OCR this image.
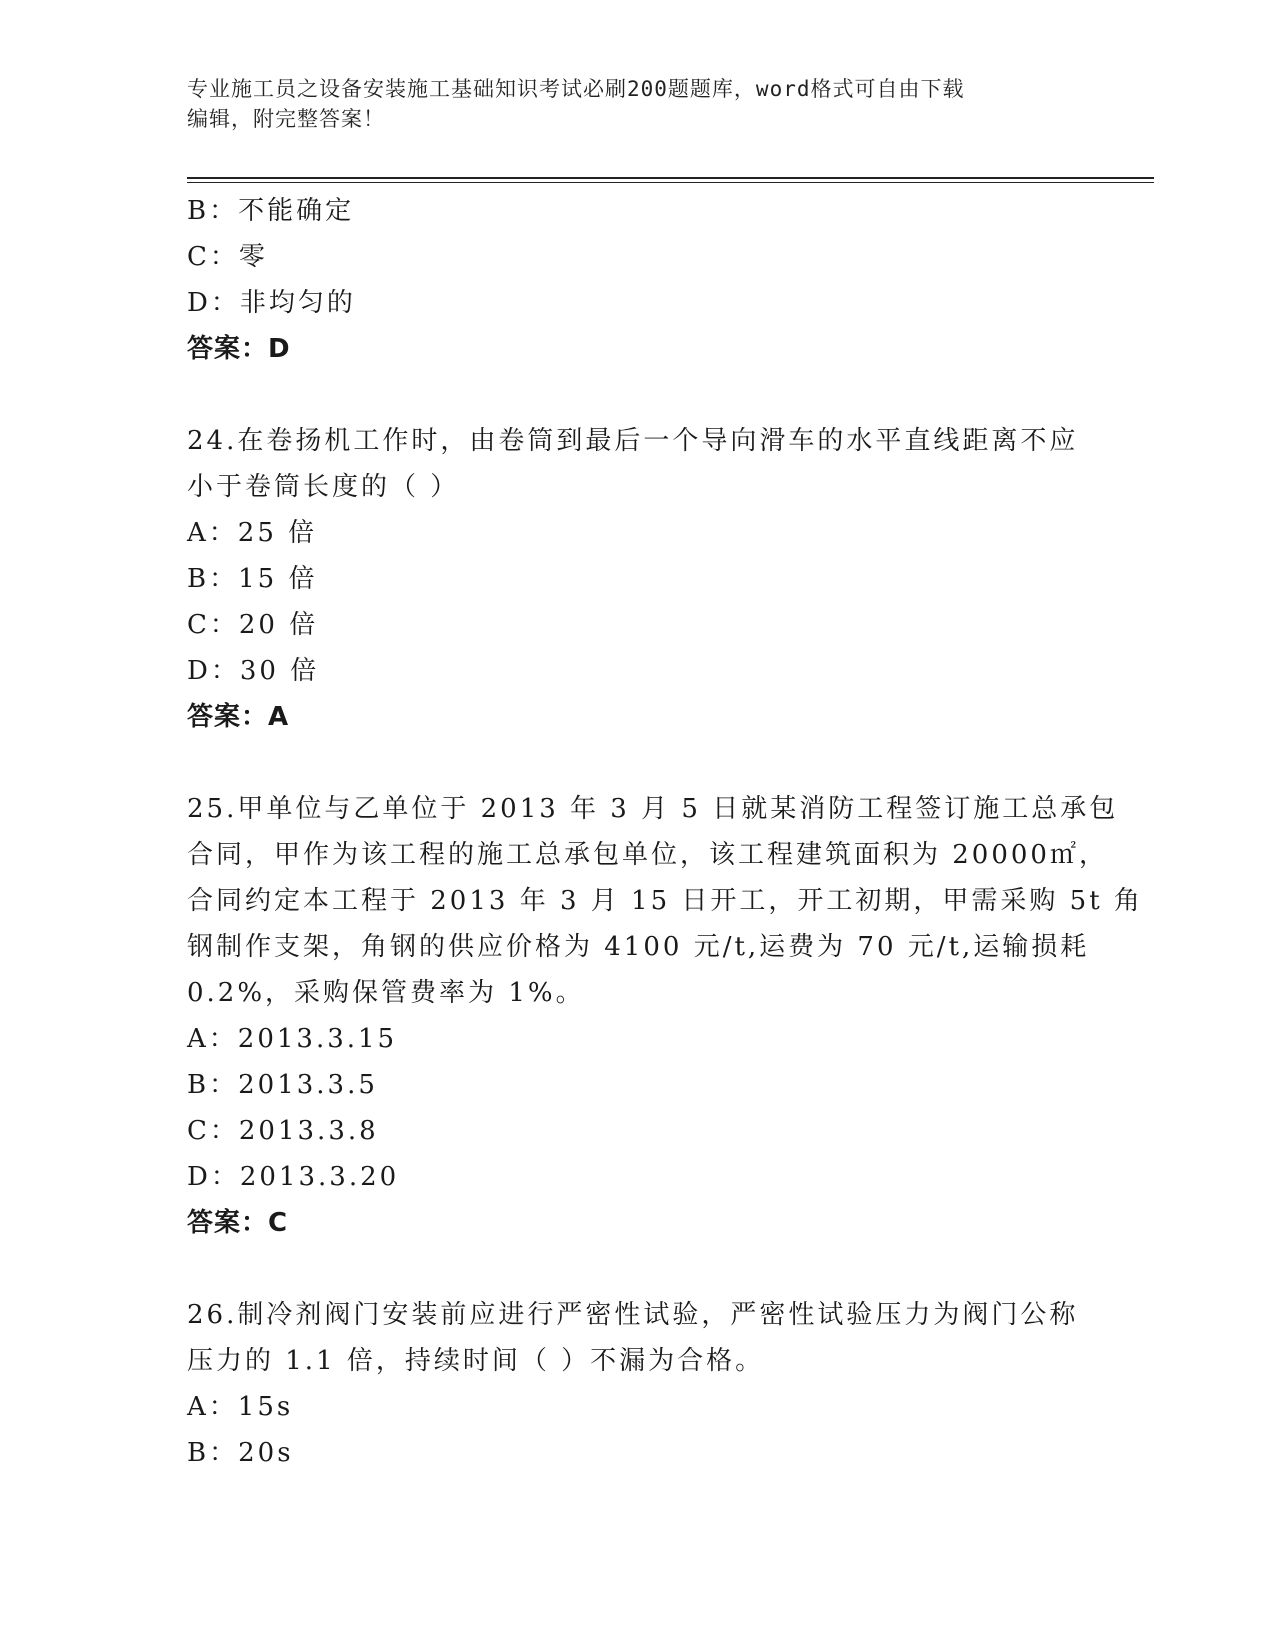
专业施工员之设备安装施工基础知识考试必刷200题题库，word格式可自由下载
编辑，附完整答案！
B：不能确定
C：零
D：非均匀的
答案：D
24.在卷扬机工作时，由卷筒到最后一个导向滑车的水平直线距离不应
小于卷筒长度的（ ）
A：25 倍
B：15 倍
C：20 倍
D：30 倍
答案：A
25.甲单位与乙单位于 2013 年 3 月 5 日就某消防工程签订施工总承包
合同，甲作为该工程的施工总承包单位，该工程建筑面积为 20000㎡，
合同约定本工程于 2013 年 3 月 15 日开工，开工初期，甲需采购 5t 角
钢制作支架，角钢的供应价格为 4100 元/t,运费为 70 元/t,运输损耗
0.2%，采购保管费率为 1%。
A：2013.3.15
B：2013.3.5
C：2013.3.8
D：2013.3.20
答案：C
26.制冷剂阀门安装前应进行严密性试验，严密性试验压力为阀门公称
压力的 1.1 倍，持续时间（ ）不漏为合格。
A：15s
B：20s
